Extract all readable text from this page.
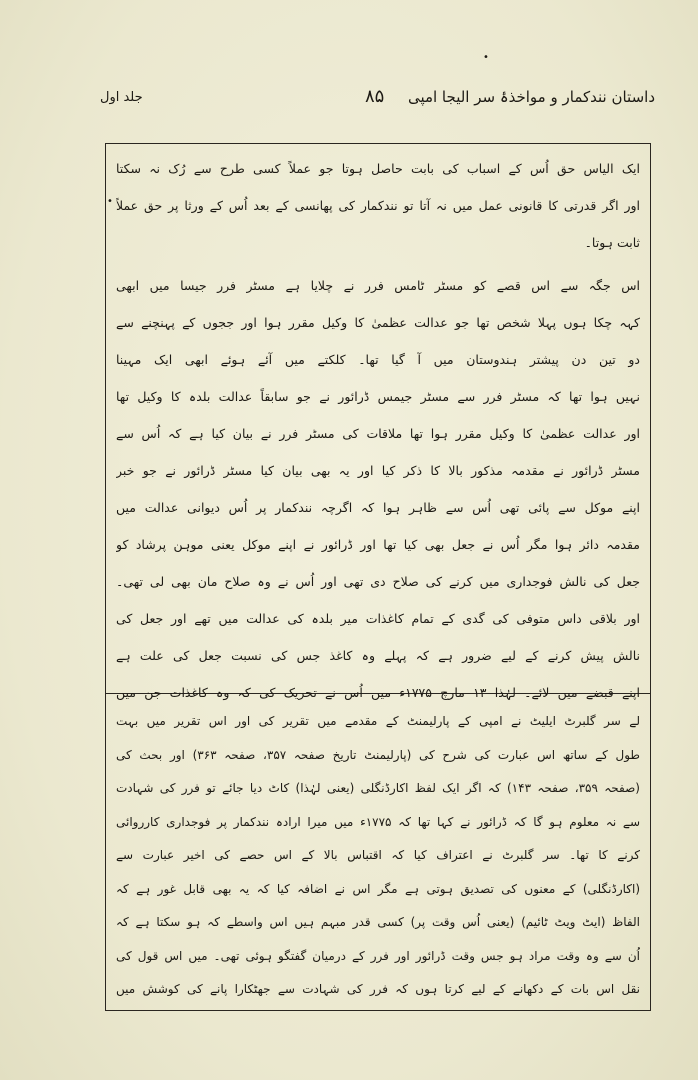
داستان نندکمار و مواخذۂ سر الیجا امپی
۸۵
جلد اول
ایک الیاس حق اُس کے اسباب کی بابت حاصل ہوتا جو عملاً کسی طرح سے رُک نہ سکتا
اور اگر قدرتی کا قانونی عمل میں نہ آتا تو نندکمار کی پھانسی کے بعد اُس کے ورثا پر حق عملاً
ثابت ہوتا۔
اس جگہ سے اس قصے کو مسٹر ٹامس فرر نے چلایا ہے مسٹر فرر جیسا میں ابھی
کہہ چکا ہوں پہلا شخص تھا جو عدالت عظمیٰ کا وکیل مقرر ہوا اور ججوں کے پہنچنے سے
دو تین دن پیشتر ہندوستان میں آ گیا تھا۔ کلکتے میں آئے ہوئے ابھی ایک مہینا
نہیں ہوا تھا کہ مسٹر فرر سے مسٹر جیمس ڈرائور نے جو سابقاً عدالت بلدہ کا وکیل تھا
اور عدالت عظمیٰ کا وکیل مقرر ہوا تھا ملاقات کی مسٹر فرر نے بیان کیا ہے کہ اُس سے
مسٹر ڈرائور نے مقدمہ مذکور بالا کا ذکر کیا اور یہ بھی بیان کیا مسٹر ڈرائور نے جو خبر
اپنے موکل سے پائی تھی اُس سے ظاہر ہوا کہ اگرچہ نندکمار پر اُس دیوانی عدالت میں
مقدمہ دائر ہوا مگر اُس نے جعل بھی کیا تھا اور ڈرائور نے اپنے موکل یعنی موہن پرشاد کو
جعل کی نالش فوجداری میں کرنے کی صلاح دی تھی اور اُس نے وہ صلاح مان بھی لی تھی۔
اور بلاقی داس متوفی کی گدی کے تمام کاغذات میر بلدہ کی عدالت میں تھے اور جعل کی
نالش پیش کرنے کے لیے ضرور ہے کہ پہلے وہ کاغذ جس کی نسبت جعل کی علت ہے
اپنے قبضے میں لائے۔ لہٰذا ۱۳ مارچ ۱۷۷۵ء میں اُس نے تحریک کی کہ وہ کاغذات جن میں
لے سر گلبرٹ ایلیٹ نے امپی کے پارلیمنٹ کے مقدمے میں تقریر کی اور اس تقریر میں بہت
طول کے ساتھ اس عبارت کی شرح کی (پارلیمنٹ تاریخ صفحہ ۳۵۷، صفحہ ۳۶۳) اور بحث کی
(صفحہ ۳۵۹، صفحہ ۱۴۳) کہ اگر ایک لفظ اکارڈنگلی (یعنی لہٰذا) کاٹ دیا جائے تو فرر کی شہادت
سے نہ معلوم ہو گا کہ ڈرائور نے کہا تھا کہ ۱۷۷۵ء میں میرا ارادہ نندکمار پر فوجداری کارروائی
کرنے کا تھا۔ سر گلبرٹ نے اعتراف کیا کہ اقتباس بالا کے اس حصے کی اخیر عبارت سے
(اکارڈنگلی) کے معنوں کی تصدیق ہوتی ہے مگر اس نے اضافہ کیا کہ یہ بھی قابل غور ہے کہ
الفاظ (ایٹ ویٹ ٹائیم) (یعنی اُس وقت پر) کسی قدر مبہم ہیں اس واسطے کہ ہو سکتا ہے کہ
اُن سے وہ وقت مراد ہو جس وقت ڈرائور اور فرر کے درمیان گفتگو ہوئی تھی۔ میں اس قول کی
نقل اس بات کے دکھانے کے لیے کرتا ہوں کہ فرر کی شہادت سے جھٹکارا پانے کی کوشش میں
•
•
